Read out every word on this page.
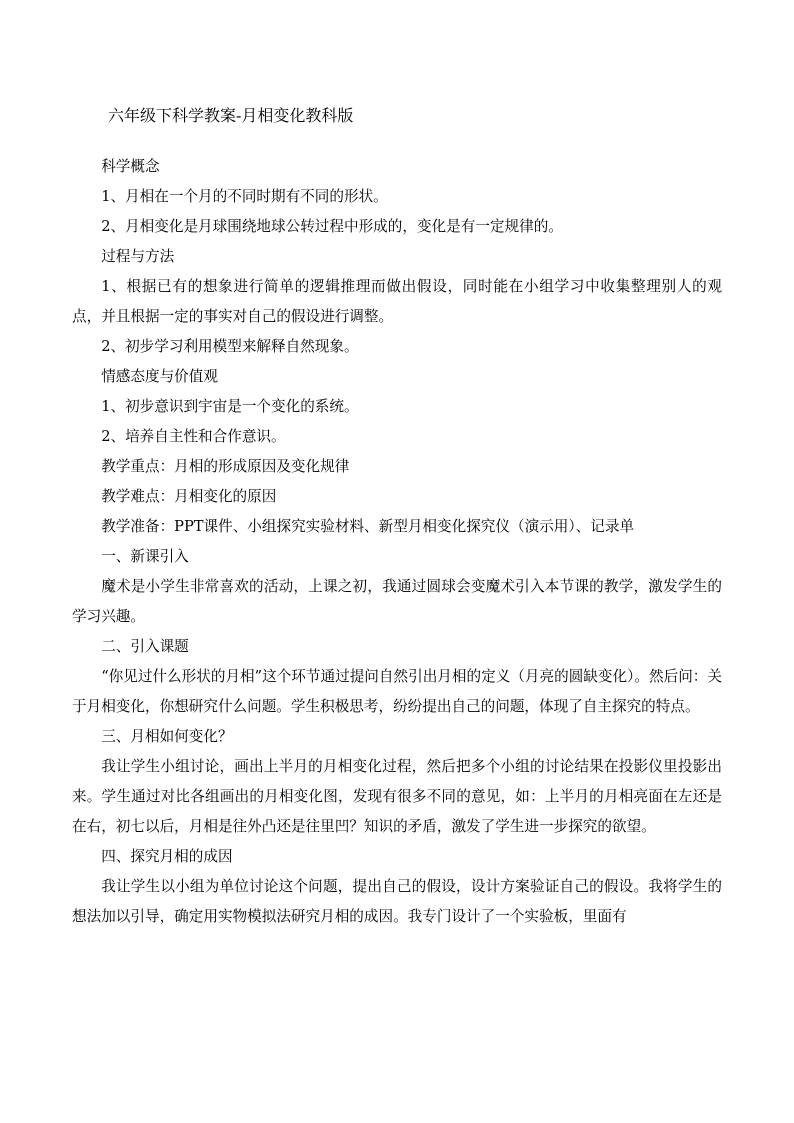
六年级下科学教案-月相变化教科版

科学概念

1、月相在一个月的不同时期有不同的形状。

2、月相变化是月球围绕地球公转过程中形成的，变化是有一定规律的。

过程与方法

1、根据已有的想象进行简单的逻辑推理而做出假设，同时能在小组学习中收集整理别人的观点，并且根据一定的事实对自己的假设进行调整。

2、初步学习利用模型来解释自然现象。

情感态度与价值观

1、初步意识到宇宙是一个变化的系统。

2、培养自主性和合作意识。

教学重点：月相的形成原因及变化规律

教学难点：月相变化的原因

教学准备：PPT课件、小组探究实验材料、新型月相变化探究仪（演示用）、记录单

一、新课引入

魔术是小学生非常喜欢的活动，上课之初，我通过圆球会变魔术引入本节课的教学，激发学生的学习兴趣。

二、引入课题

“你见过什么形状的月相”这个环节通过提问自然引出月相的定义（月亮的圆缺变化）。然后问：关于月相变化，你想研究什么问题。学生积极思考，纷纷提出自己的问题，体现了自主探究的特点。

三、月相如何变化？

我让学生小组讨论，画出上半月的月相变化过程，然后把多个小组的讨论结果在投影仪里投影出来。学生通过对比各组画出的月相变化图，发现有很多不同的意见，如：上半月的月相亮面在左还是在右，初七以后，月相是往外凸还是往里凹？知识的矛盾，激发了学生进一步探究的欲望。

四、探究月相的成因

我让学生以小组为单位讨论这个问题，提出自己的假设，设计方案验证自己的假设。我将学生的想法加以引导，确定用实物模拟法研究月相的成因。我专门设计了一个实验板，里面有
